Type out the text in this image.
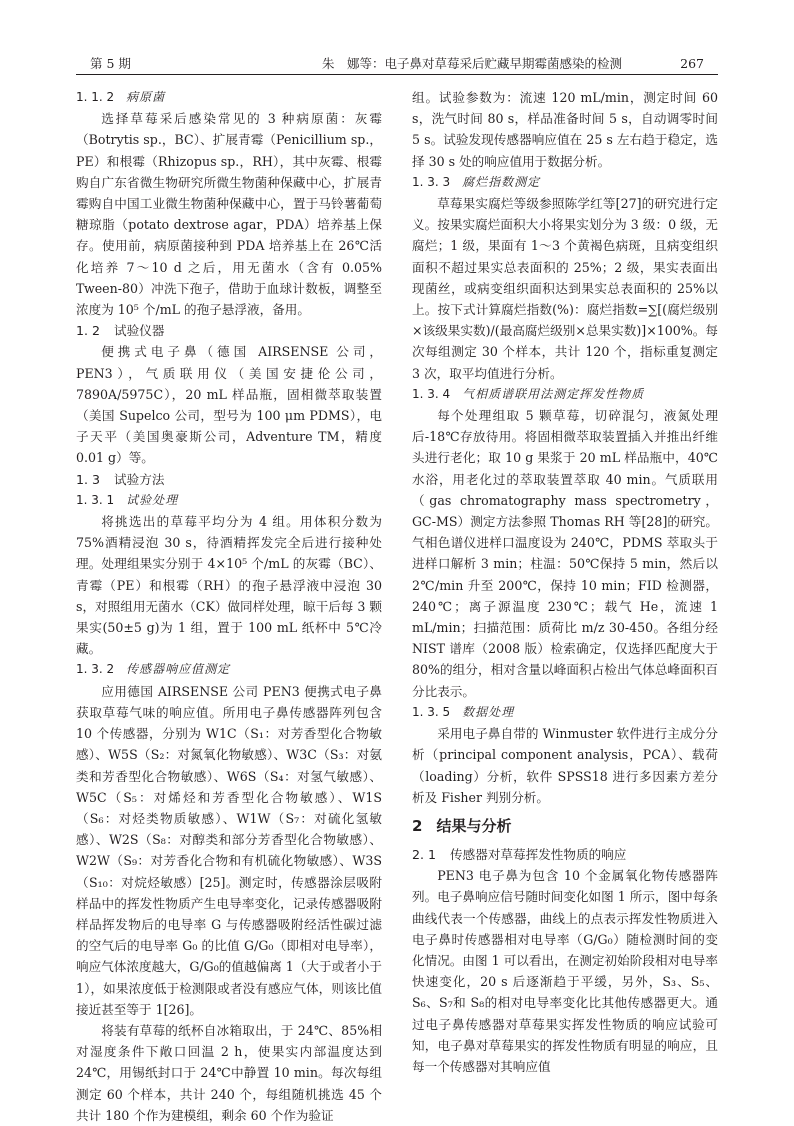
第 5 期	朱　娜等：电子鼻对草莓采后贮藏早期霉菌感染的检测	267
1. 1. 2 病原菌

选择草莓采后感染常见的 3 种病原菌：灰霉（Botrytis sp.，BC）、扩展青霉（Penicillium sp.，PE）和根霉（Rhizopus sp.，RH），其中灰霉、根霉购自广东省微生物研究所微生物菌种保藏中心，扩展青霉购自中国工业微生物菌种保藏中心，置于马铃薯葡萄糖琼脂（potato dextrose agar，PDA）培养基上保存。使用前，病原菌接种到 PDA 培养基上在 26℃活化培养 7～10 d 之后，用无菌水（含有 0.05% Tween-80）冲洗下孢子，借助于血球计数板，调整至浓度为 10⁵ 个/mL 的孢子悬浮液，备用。

1. 2 试验仪器

便携式电子鼻（德国 AIRSENSE 公司，PEN3），气质联用仪（美国安捷伦公司，7890A/5975C），20 mL 样品瓶，固相微萃取装置（美国 Supelco 公司，型号为 100 μm PDMS），电子天平（美国奥豪斯公司，Adventure TM，精度 0.01 g）等。

1. 3 试验方法
1. 3. 1 试验处理

将挑选出的草莓平均分为 4 组。用体积分数为 75%酒精浸泡 30 s，待酒精挥发完全后进行接种处理。处理组果实分别于 4×10⁵ 个/mL 的灰霉（BC）、青霉（PE）和根霉（RH）的孢子悬浮液中浸泡 30 s，对照组用无菌水（CK）做同样处理，晾干后每 3 颗果实(50±5 g)为 1 组，置于 100 mL 纸杯中 5℃冷藏。

1. 3. 2 传感器响应值测定

应用德国 AIRSENSE 公司 PEN3 便携式电子鼻获取草莓气味的响应值。所用电子鼻传感器阵列包含 10 个传感器，分别为 W1C（S₁：对芳香型化合物敏感）、W5S（S₂：对氮氧化物敏感）、W3C（S₃：对氨类和芳香型化合物敏感）、W6S（S₄：对氢气敏感）、W5C（S₅：对烯烃和芳香型化合物敏感）、W1S（S₆：对烃类物质敏感）、W1W（S₇：对硫化氢敏感）、W2S（S₈：对醇类和部分芳香型化合物敏感）、W2W（S₉：对芳香化合物和有机硫化物敏感）、W3S（S₁₀：对烷烃敏感）[25]。测定时，传感器涂层吸附样品中的挥发性物质产生电导率变化，记录传感器吸附样品挥发物后的电导率 G 与传感器吸附经活性碳过滤的空气后的电导率 G₀ 的比值 G/G₀（即相对电导率），响应气体浓度越大，G/G₀的值越偏离 1（大于或者小于 1），如果浓度低于检测限或者没有感应气体，则该比值接近甚至等于 1[26]。

将装有草莓的纸杯自冰箱取出，于 24℃、85%相对湿度条件下敞口回温 2 h，使果实内部温度达到 24℃，用锡纸封口于 24℃中静置 10 min。每次每组测定 60 个样本，共计 240 个，每组随机挑选 45 个共计 180 个作为建模组，剩余 60 个作为验证

组。试验参数为：流速 120 mL/min，测定时间 60 s，洗气时间 80 s，样品准备时间 5 s，自动调零时间 5 s。试验发现传感器响应值在 25 s 左右趋于稳定，选择 30 s 处的响应值用于数据分析。

1. 3. 3 腐烂指数测定

草莓果实腐烂等级参照陈学红等[27]的研究进行定义。按果实腐烂面积大小将果实划分为 3 级：0 级，无腐烂；1 级，果面有 1～3 个黄褐色病斑，且病变组织面积不超过果实总表面积的 25%；2 级，果实表面出现菌丝，或病变组织面积达到果实总表面积的 25%以上。按下式计算腐烂指数(%)：腐烂指数=∑[(腐烂级别×该级果实数)/(最高腐烂级别×总果实数)]×100%。每次每组测定 30 个样本，共计 120 个，指标重复测定 3 次，取平均值进行分析。

1. 3. 4 气相质谱联用法测定挥发性物质

每个处理组取 5 颗草莓，切碎混匀，液氮处理后-18℃存放待用。将固相微萃取装置插入并推出纤维头进行老化；取 10 g 果浆于 20 mL 样品瓶中，40℃水浴，用老化过的萃取装置萃取 40 min。气质联用（gas chromatography mass spectrometry，GC-MS）测定方法参照 Thomas RH 等[28]的研究。气相色谱仪进样口温度设为 240℃，PDMS 萃取头于进样口解析 3 min；柱温：50℃保持 5 min，然后以 2℃/min 升至 200℃，保持 10 min；FID 检测器，240℃；离子源温度 230℃；载气 He，流速 1 mL/min；扫描范围：质荷比 m/z 30-450。各组分经 NIST 谱库（2008 版）检索确定，仅选择匹配度大于 80%的组分，相对含量以峰面积占检出气体总峰面积百分比表示。

1. 3. 5 数据处理

采用电子鼻自带的 Winmuster 软件进行主成分分析（principal component analysis，PCA）、载荷（loading）分析，软件 SPSS18 进行多因素方差分析及 Fisher 判别分析。

2 结果与分析
2. 1 传感器对草莓挥发性物质的响应

PEN3 电子鼻为包含 10 个金属氧化物传感器阵列。电子鼻响应信号随时间变化如图 1 所示，图中每条曲线代表一个传感器，曲线上的点表示挥发性物质进入电子鼻时传感器相对电导率（G/G₀）随检测时间的变化情况。由图 1 可以看出，在测定初始阶段相对电导率快速变化，20 s 后逐渐趋于平缓，另外，S₃、S₅、S₆、S₇和 S₈的相对电导率变化比其他传感器更大。通过电子鼻传感器对草莓果实挥发性物质的响应试验可知，电子鼻对草莓果实的挥发性物质有明显的响应，且每一个传感器对其响应值
